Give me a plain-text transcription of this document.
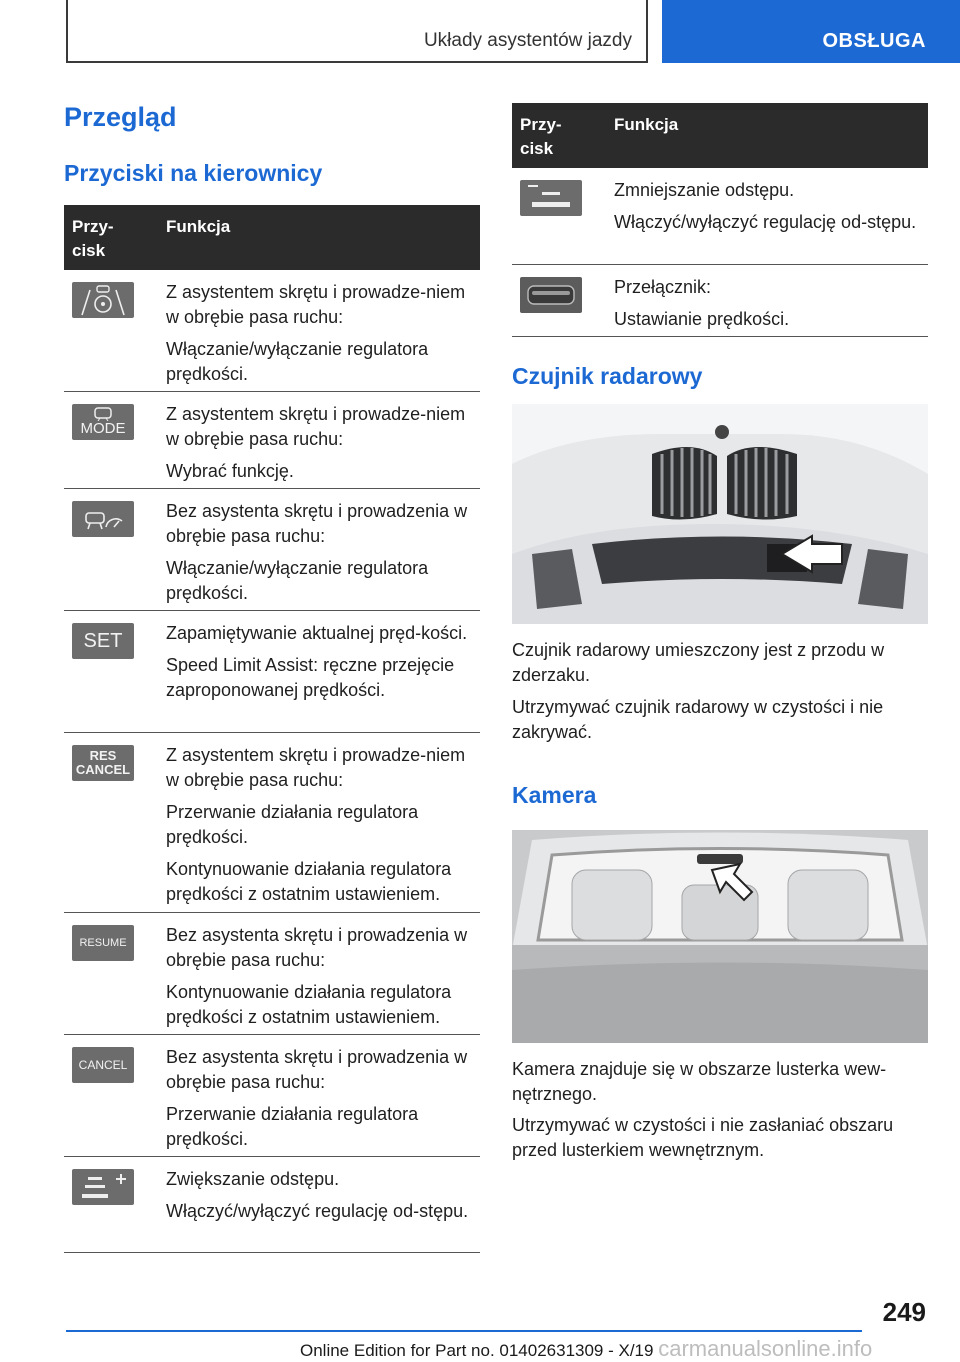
Układy asystentów jazdy	OBSŁUGA
Przegląd
Przyciski na kierownicy
Przy-
cisk
Funkcja

Z asystentem skrętu i prowadze-niem w obrębie pasa ruchu:

Włączanie/wyłączanie regulatora prędkości.

MODE

Z asystentem skrętu i prowadze-niem w obrębie pasa ruchu:

Wybrać funkcję.

Bez asystenta skrętu i prowadzenia w obrębie pasa ruchu:

Włączanie/wyłączanie regulatora prędkości.

SET Zapamiętywanie aktualnej pręd-kości.

Speed Limit Assist: ręczne przejęcie zaproponowanej prędkości.

RES
CANCEL

Z asystentem skrętu i prowadze-niem w obrębie pasa ruchu:

Przerwanie działania regulatora prędkości.

Kontynuowanie działania regulatora prędkości z ostatnim ustawieniem.

RESUME Bez asystenta skrętu i prowadzenia w obrębie pasa ruchu:

Kontynuowanie działania regulatora prędkości z ostatnim ustawieniem.

CANCEL Bez asystenta skrętu i prowadzenia w obrębie pasa ruchu:

Przerwanie działania regulatora prędkości.

Zwiększanie odstępu.

Włączyć/wyłączyć regulację od-stępu.

Przy-
cisk
Funkcja

Zmniejszanie odstępu.

Włączyć/wyłączyć regulację od-stępu.

Przełącznik:

Ustawianie prędkości.

Czujnik radarowy
Czujnik radarowy umieszczony jest z przodu w zderzaku.
Utrzymywać czujnik radarowy w czystości i nie zakrywać.
Kamera
Kamera znajduje się w obszarze lusterka wew-nętrznego.
Utrzymywać w czystości i nie zasłaniać obszaru przed lusterkiem wewnętrznym.
249
Online Edition for Part no. 01402631309 - X/19 carmanualsonline.info
